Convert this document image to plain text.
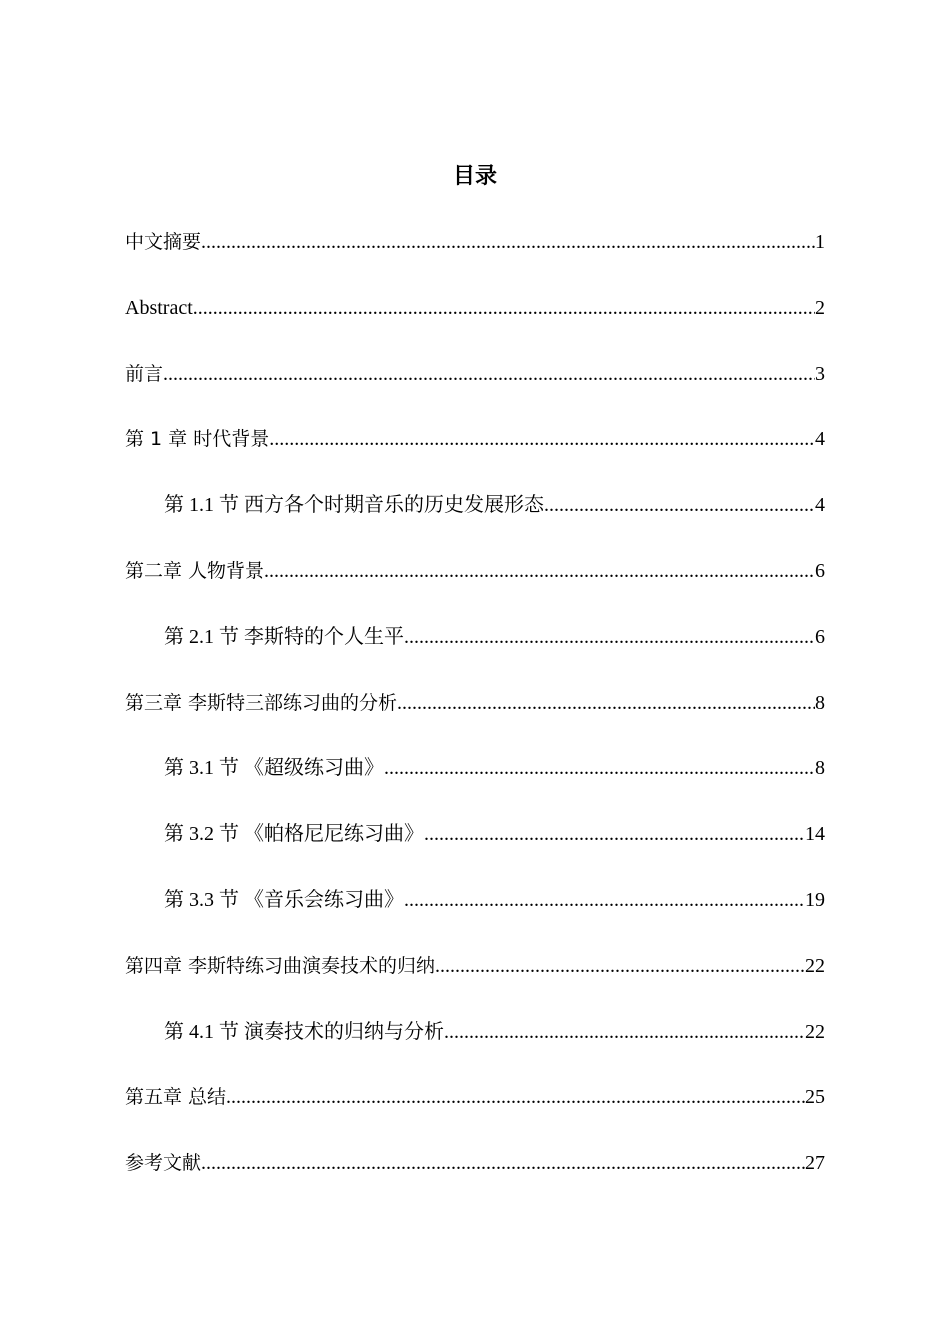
目录
中文摘要 .....	1
Abstract .....	2
前言 .....	3
第 1 章 时代背景 .....	4
第 1.1 节 西方各个时期音乐的历史发展形态 .....	4
第二章 人物背景 .....	6
第 2.1 节 李斯特的个人生平 .....	6
第三章 李斯特三部练习曲的分析 .....	8
第 3.1 节 《超级练习曲》 .....	8
第 3.2 节 《帕格尼尼练习曲》 .....	14
第 3.3 节 《音乐会练习曲》 .....	19
第四章 李斯特练习曲演奏技术的归纳 .....	22
第 4.1 节 演奏技术的归纳与分析 .....	22
第五章 总结 .....	25
参考文献 .....	27
